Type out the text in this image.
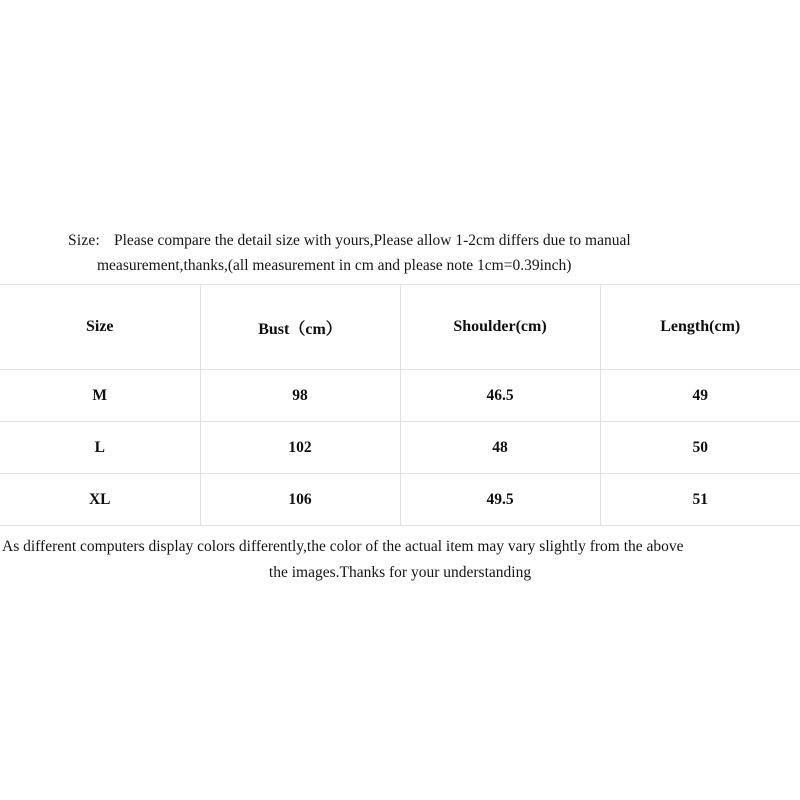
Size: Please compare the detail size with yours,Please allow 1-2cm differs due to manual
measurement,thanks,(all measurement in cm and please note 1cm=0.39inch)
Size	Bust（cm）	Shoulder(cm)	Length(cm)
M	98	46.5	49
L	102	48	50
XL	106	49.5	51
As different computers display colors differently,the color of the actual item may vary slightly from the above
the images.Thanks for your understanding
